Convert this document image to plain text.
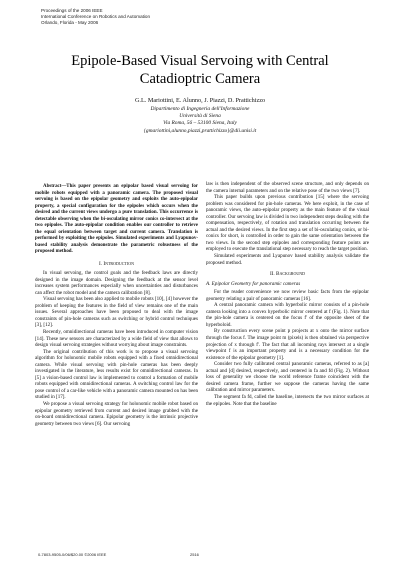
Proceedings of the 2006 IEEE
International Conference on Robotics and Automation
Orlando, Florida - May 2006
Epipole-Based Visual Servoing with Central
Catadioptric Camera
G.L. Mariottini, E. Alunno, J. Piazzi, D. Prattichizzo
Dipartimento di Ingegneria dell'Informazione
Università di Siena
Via Roma, 56 – 53100 Siena, Italy
{gmariottini,alunno,piazzi,prattichizzo}@dii.unisi.it

Abstract—This paper presents an epipolar based visual servoing for mobile robots equipped with a panoramic camera. The proposed visual servoing is based on the epipolar geometry and exploits the auto-epipolar property, a special configuration for the epipoles which occurs when the desired and the current views undergo a pure translation. This occurrence is detectable observing when the bi-osculating mirror conics co-intersect at the two epipoles. The auto-epipolar condition enables our controller to retrieve the equal orientation between target and current camera. Translation is performed by exploiting the epipoles. Simulated experiments and Lyapunov-based stability analysis demonstrate the parametric robustness of the proposed method.

I. Introduction

In visual servoing, the control goals and the feedback laws are directly designed in the image domain. Designing the feedback at the sensor level increases system performances especially when uncertainties and disturbances can affect the robot model and the camera calibration [8].

Visual servoing has been also applied to mobile robots [10], [4] however the problem of keeping the features in the field of view remains one of the main issues. Several approaches have been proposed to deal with the image constraints of pin-hole cameras such as switching or hybrid control techniques [3], [12].

Recently, omnidirectional cameras have been introduced in computer vision [14]. These new sensors are characterized by a wide field of view that allows to design visual servoing strategies without worrying about image constraints.

The original contribution of this work is to propose a visual servoing algorithm for holonomic mobile robots equipped with a fixed omnidirectional camera. While visual servoing with pin-hole cameras has been deeply investigated in the literature, less results exist for omnidirectional cameras. In [5] a vision-based control law is implemented to control a formation of mobile robots equipped with omnidirectional cameras. A switching control law for the pose control of a car-like vehicle with a panoramic camera mounted on has been studied in [17].

We propose a visual servoing strategy for holonomic mobile robot based on epipolar geometry retrieved from current and desired image grabbed with the on-board omnidirectional camera. Epipolar geometry is the intrinsic projective geometry between two views [6]. Our servoing

law is then independent of the observed scene structure, and only depends on the camera internal parameters and on the relative pose of the two views [7].

This paper builds upon previous contribution [15] where the servoing problem was considered for pin-hole cameras. We here exploit, in the case of panoramic views, the auto-epipolar property as the main feature of the visual controller. Our servoing law is divided in two independent steps dealing with the compensation, respectively, of rotation and translation occurring between the actual and the desired views. In the first step a set of bi-osculating conics, or bi-conics for short, is controlled in order to gain the same orientation between the two views. In the second step epipoles and corresponding feature points are employed to execute the translational step necessary to reach the target position.

Simulated experiments and Lyapunov based stability analysis validate the proposed method.

II. Background
A. Epipolar Geometry for panoramic cameras

For the reader convenience we now review basic facts from the epipolar geometry relating a pair of panoramic cameras [16].

A central panoramic camera with hyperbolic mirror consists of a pin-hole camera looking into a convex hyperbolic mirror centered at f (Fig. 1). Note that the pin-hole camera is centered on the focus f′ of the opposite sheet of the hyperboloid.

By construction every scene point p projects at x onto the mirror surface through the focus f. The image point m (pixels) is then obtained via perspective projection of x through f′. The fact that all incoming rays intersect at a single viewpoint f is an important property and is a necessary condition for the existence of the epipolar geometry [1].

Consider two fully calibrated central panoramic cameras, referred to as [a] actual and [d] desired, respectively, and centered in fa and fd (Fig. 2). Without loss of generality we choose the world reference frame coincident with the desired camera frame, further we suppose the cameras having the same calibration and mirror parameters.

The segment fa fd, called the baseline, intersects the two mirror surfaces at the epipoles. Note that the baseline

0-7803-9505-0/06/$20.00 ©2006 IEEE	2516
